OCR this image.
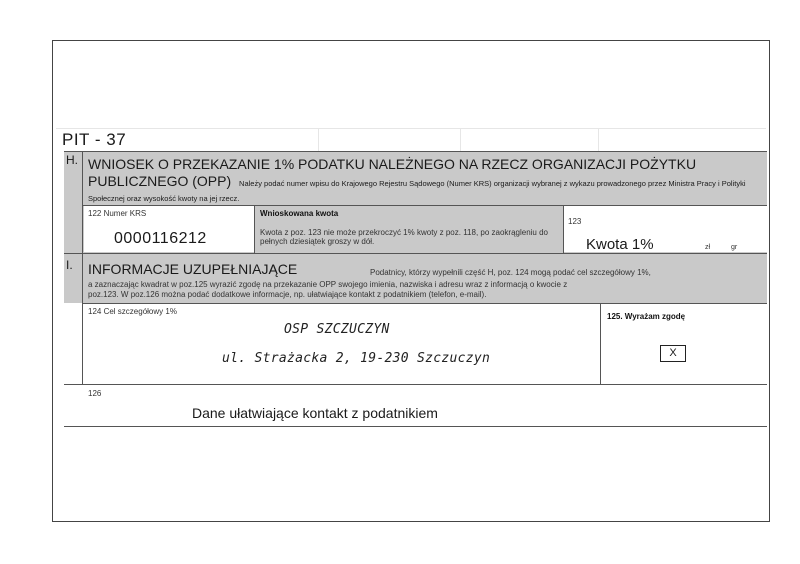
PIT - 37
H. WNIOSEK O PRZEKAZANIE 1% PODATKU NALEŻNEGO NA RZECZ ORGANIZACJI POŻYTKU
PUBLICZNEGO (OPP) Należy podać numer wpisu do Krajowego Rejestru Sądowego (Numer KRS) organizacji wybranej z wykazu prowadzonego przez Ministra Pracy i Polityki Społecznej oraz wysokość kwoty na jej rzecz.
122 Numer KRS
0000116212
Wnioskowana kwota
Kwota z poz. 123 nie może przekroczyć 1% kwoty z poz. 118, po zaokrągleniu do pełnych dziesiątek groszy w dół.
123
Kwota 1%	zł	gr
I. INFORMACJE UZUPEŁNIAJĄCE	Podatnicy, którzy wypełnili część H, poz. 124 mogą podać cel szczegółowy 1%,
a zaznaczając kwadrat w poz.125 wyrazić zgodę na przekazanie OPP swojego imienia, nazwiska i adresu wraz z informacją o kwocie z
poz.123. W poz.126 można podać dodatkowe informacje, np. ułatwiające kontakt z podatnikiem (telefon, e-mail).
124 Cel szczegółowy 1%
OSP SZCZUCZYN
ul. Strażacka 2, 19-230 Szczuczyn
125. Wyrażam zgodę
X
126
Dane ułatwiające kontakt z podatnikiem
